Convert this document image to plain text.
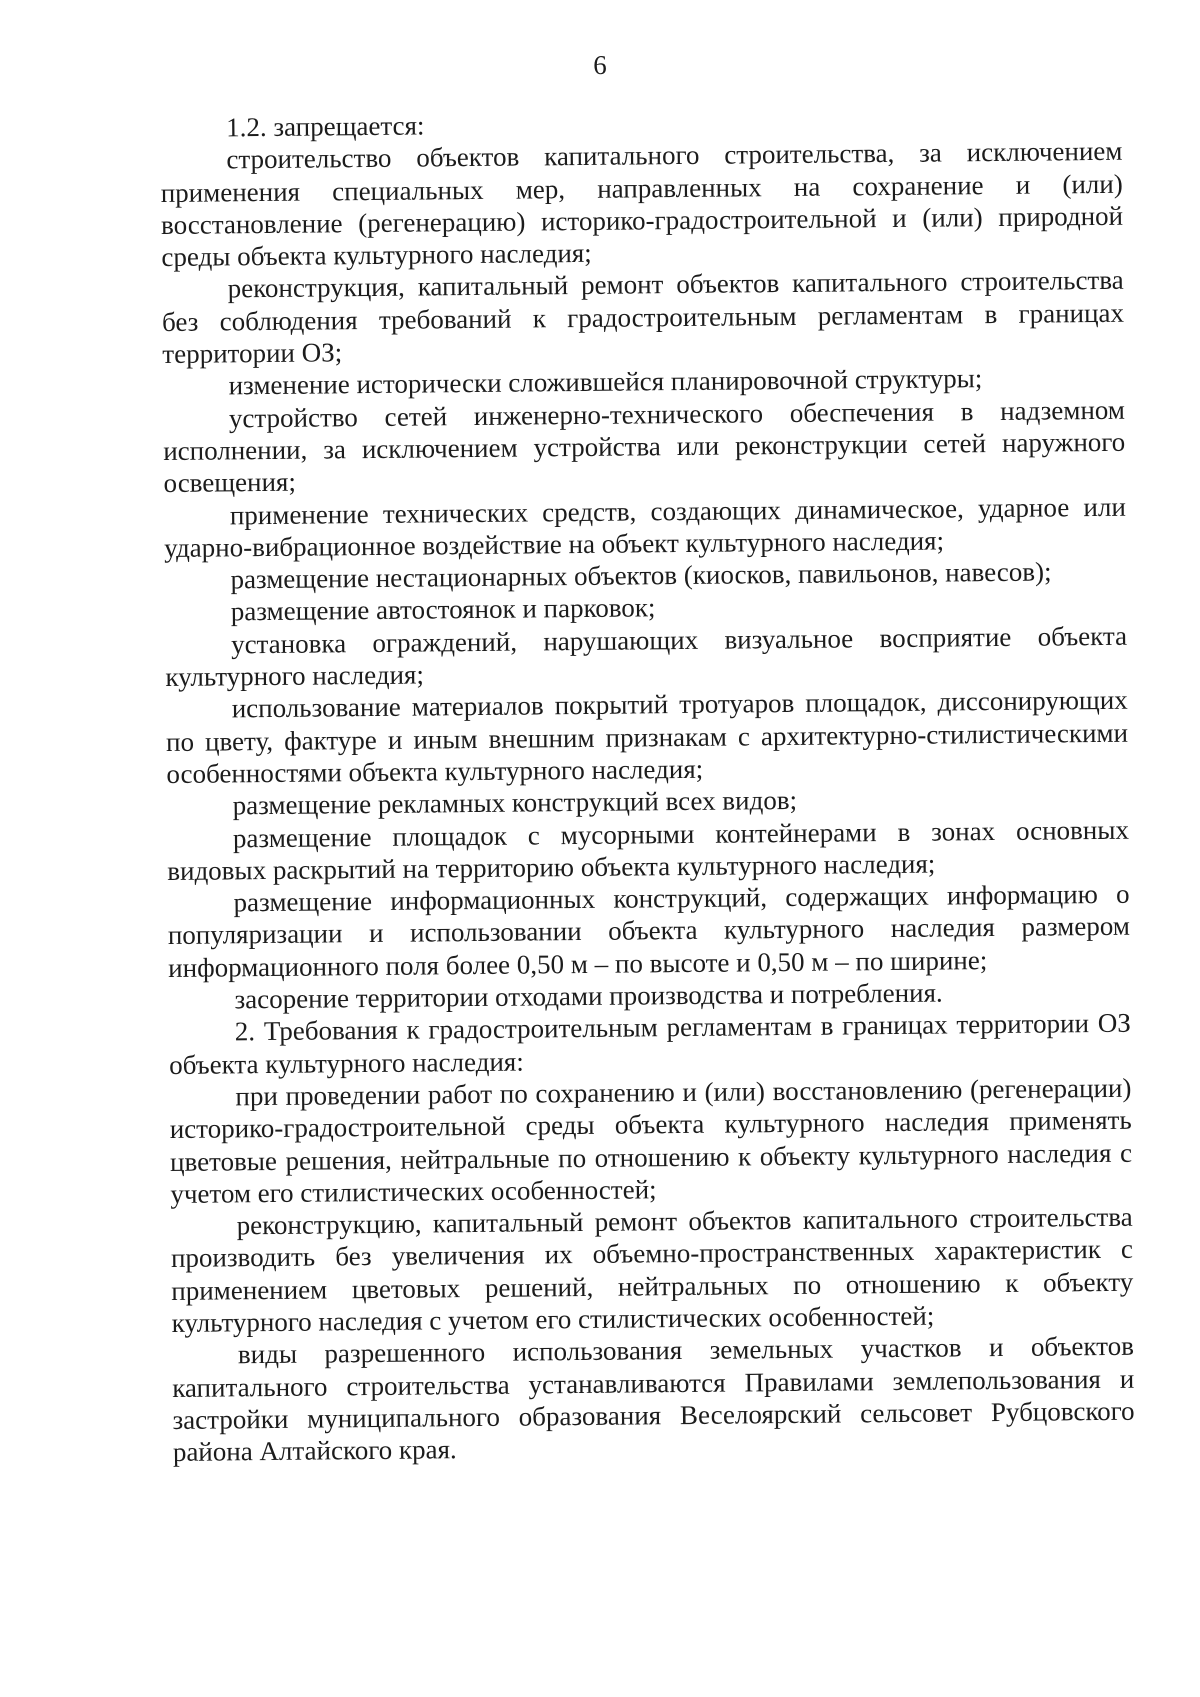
6

1.2. запрещается:

строительство объектов капитального строительства, за исключением применения специальных мер, направленных на сохранение и (или) восстановление (регенерацию) историко-градостроительной и (или) природной среды объекта культурного наследия;

реконструкция, капитальный ремонт объектов капитального строительства без соблюдения требований к градостроительным регламентам в границах территории ОЗ;

изменение исторически сложившейся планировочной структуры;

устройство сетей инженерно-технического обеспечения в надземном исполнении, за исключением устройства или реконструкции сетей наружного освещения;

применение технических средств, создающих динамическое, ударное или ударно-вибрационное воздействие на объект культурного наследия;

размещение нестационарных объектов (киосков, павильонов, навесов);

размещение автостоянок и парковок;

установка ограждений, нарушающих визуальное восприятие объекта культурного наследия;

использование материалов покрытий тротуаров площадок, диссонирующих по цвету, фактуре и иным внешним признакам с архитектурно-стилистическими особенностями объекта культурного наследия;

размещение рекламных конструкций всех видов;

размещение площадок с мусорными контейнерами в зонах основных видовых раскрытий на территорию объекта культурного наследия;

размещение информационных конструкций, содержащих информацию о популяризации и использовании объекта культурного наследия размером информационного поля более 0,50 м – по высоте и 0,50 м – по ширине;

засорение территории отходами производства и потребления.

2. Требования к градостроительным регламентам в границах территории ОЗ объекта культурного наследия:

при проведении работ по сохранению и (или) восстановлению (регенерации) историко-градостроительной среды объекта культурного наследия применять цветовые решения, нейтральные по отношению к объекту культурного наследия с учетом его стилистических особенностей;

реконструкцию, капитальный ремонт объектов капитального строительства производить без увеличения их объемно-пространственных характеристик с применением цветовых решений, нейтральных по отношению к объекту культурного наследия с учетом его стилистических особенностей;

виды разрешенного использования земельных участков и объектов капитального строительства устанавливаются Правилами землепользования и застройки муниципального образования Веселоярский сельсовет Рубцовского района Алтайского края.
